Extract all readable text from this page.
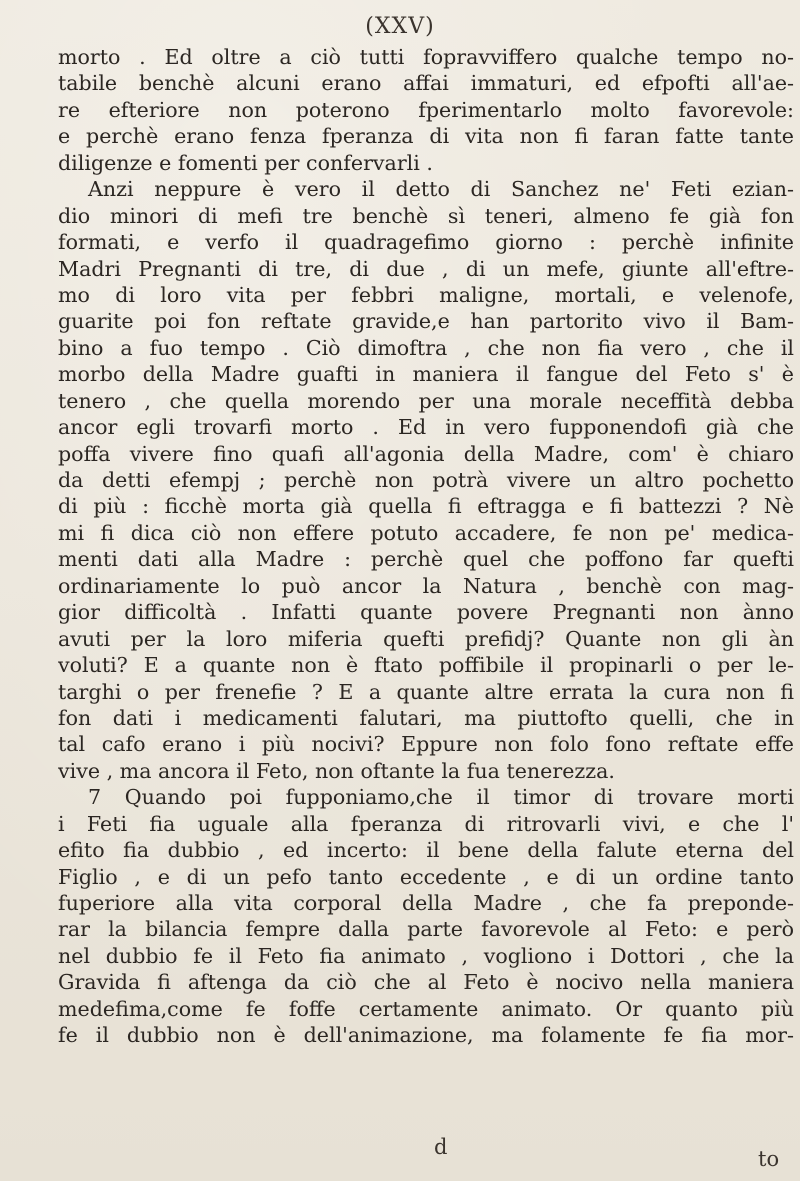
(XXV)
morto . Ed oltre a ciò tutti fopravviffero qualche tempo no-
tabile benchè alcuni erano affai immaturi, ed efpofti all'ae-
re efteriore non poterono fperimentarlo molto favorevole:
e perchè erano fenza fperanza di vita non fi faran fatte tante
diligenze e fomenti per confervarli .
Anzi neppure è vero il detto di Sanchez ne' Feti ezian-
dio minori di mefi tre benchè sì teneri, almeno fe già fon
formati, e verfo il quadragefimo giorno : perchè infinite
Madri Pregnanti di tre, di due , di un mefe, giunte all'eftre-
mo di loro vita per febbri maligne, mortali, e velenofe,
guarite poi fon reftate gravide,e han partorito vivo il Bam-
bino a fuo tempo . Ciò dimoftra , che non fia vero , che il
morbo della Madre guafti in maniera il fangue del Feto s' è
tenero , che quella morendo per una morale neceffità debba
ancor egli trovarfi morto . Ed in vero fupponendofi già che
poffa vivere fino quafi all'agonia della Madre, com' è chiaro
da detti efempj ; perchè non potrà vivere un altro pochetto
di più : ficchè morta già quella fi eftragga e fi battezzi ? Nè
mi fi dica ciò non effere potuto accadere, fe non pe' medica-
menti dati alla Madre : perchè quel che poffono far quefti
ordinariamente lo può ancor la Natura , benchè con mag-
gior difficoltà . Infatti quante povere Pregnanti non ànno
avuti per la loro miferia quefti prefidj? Quante non gli àn
voluti? E a quante non è ftato poffibile il propinarli o per le-
targhi o per frenefie ? E a quante altre errata la cura non fi
fon dati i medicamenti falutari, ma piuttofto quelli, che in
tal cafo erano i più nocivi? Eppure non folo fono reftate effe
vive , ma ancora il Feto, non oftante la fua tenerezza.
7 Quando poi fupponiamo,che il timor di trovare morti
i Feti fia uguale alla fperanza di ritrovarli vivi, e che l'
efito fia dubbio , ed incerto: il bene della falute eterna del
Figlio , e di un pefo tanto eccedente , e di un ordine tanto
fuperiore alla vita corporal della Madre , che fa preponde-
rar la bilancia fempre dalla parte favorevole al Feto: e però
nel dubbio fe il Feto fia animato , vogliono i Dottori , che la
Gravida fi aftenga da ciò che al Feto è nocivo nella maniera
medefima,come fe foffe certamente animato. Or quanto più
fe il dubbio non è dell'animazione, ma folamente fe fia mor-
d	to
